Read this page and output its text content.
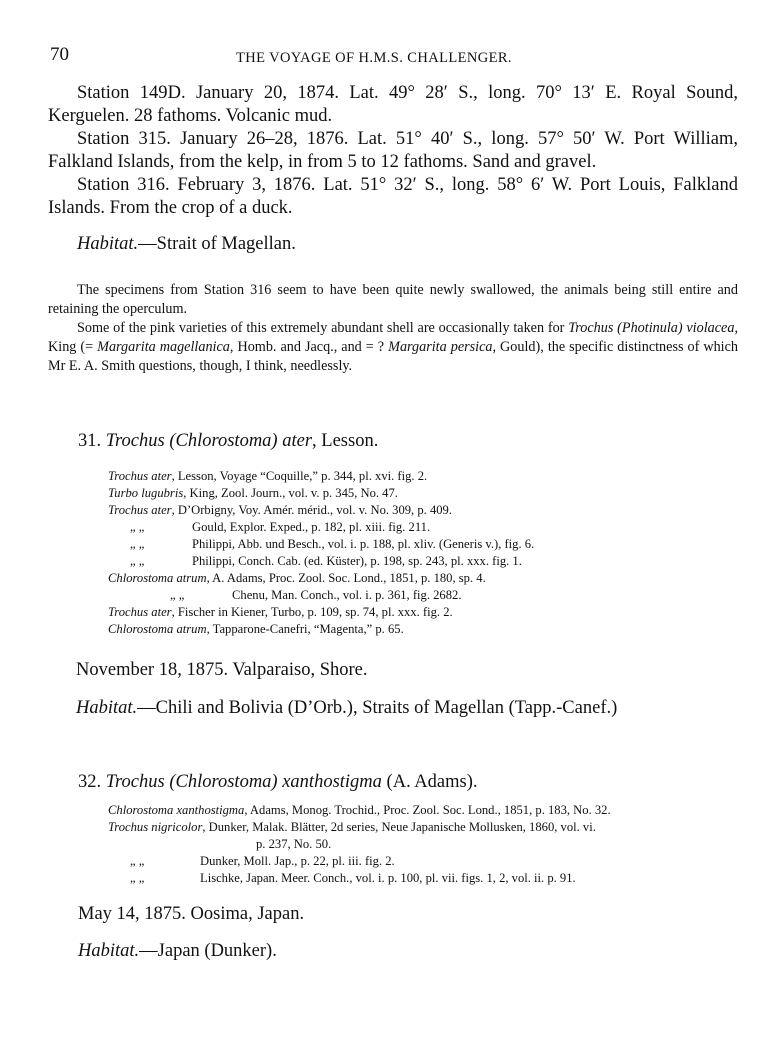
70	THE VOYAGE OF H.M.S. CHALLENGER.

Station 149D. January 20, 1874. Lat. 49° 28′ S., long. 70° 13′ E. Royal Sound, Kerguelen. 28 fathoms. Volcanic mud.

Station 315. January 26–28, 1876. Lat. 51° 40′ S., long. 57° 50′ W. Port William, Falkland Islands, from the kelp, in from 5 to 12 fathoms. Sand and gravel.

Station 316. February 3, 1876. Lat. 51° 32′ S., long. 58° 6′ W. Port Louis, Falkland Islands. From the crop of a duck.

Habitat.—Strait of Magellan.

The specimens from Station 316 seem to have been quite newly swallowed, the animals being still entire and retaining the operculum.

Some of the pink varieties of this extremely abundant shell are occasionally taken for Trochus (Photinula) violacea, King (= Margarita magellanica, Homb. and Jacq., and = ? Margarita persica, Gould), the specific distinctness of which Mr E. A. Smith questions, though, I think, needlessly.

31. Trochus (Chlorostoma) ater, Lesson.
Trochus ater, Lesson, Voyage “Coquille,” p. 344, pl. xvi. fig. 2.
Turbo lugubris, King, Zool. Journ., vol. v. p. 345, No. 47.
Trochus ater, D’Orbigny, Voy. Amér. mérid., vol. v. No. 309, p. 409.
„ „	Gould, Explor. Exped., p. 182, pl. xiii. fig. 211.
„ „	Philippi, Abb. und Besch., vol. i. p. 188, pl. xliv. (Generis v.), fig. 6.
„ „	Philippi, Conch. Cab. (ed. Küster), p. 198, sp. 243, pl. xxx. fig. 1.
Chlorostoma atrum, A. Adams, Proc. Zool. Soc. Lond., 1851, p. 180, sp. 4.
„ „	Chenu, Man. Conch., vol. i. p. 361, fig. 2682.
Trochus ater, Fischer in Kiener, Turbo, p. 109, sp. 74, pl. xxx. fig. 2.
Chlorostoma atrum, Tapparone-Canefri, “Magenta,” p. 65.
November 18, 1875. Valparaiso, Shore.
Habitat.—Chili and Bolivia (D’Orb.), Straits of Magellan (Tapp.-Canef.)
32. Trochus (Chlorostoma) xanthostigma (A. Adams).
Chlorostoma xanthostigma, Adams, Monog. Trochid., Proc. Zool. Soc. Lond., 1851, p. 183, No. 32.
Trochus nigricolor, Dunker, Malak. Blätter, 2d series, Neue Japanische Mollusken, 1860, vol. vi.
p. 237, No. 50.
„ „	Dunker, Moll. Jap., p. 22, pl. iii. fig. 2.
„ „	Lischke, Japan. Meer. Conch., vol. i. p. 100, pl. vii. figs. 1, 2, vol. ii. p. 91.
May 14, 1875. Oosima, Japan.
Habitat.—Japan (Dunker).
